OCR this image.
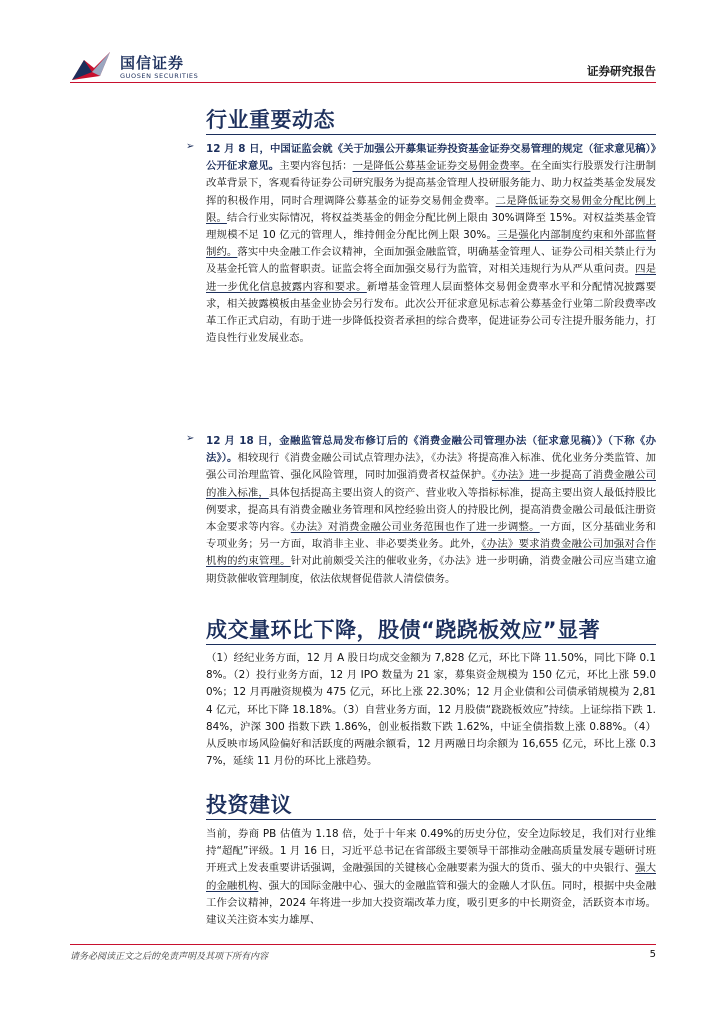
国信证券
GUOSEN SECURITIES	证券研究报告
行业重要动态
➢ 12 月 8 日，中国证监会就《关于加强公开募集证券投资基金证券交易管理的规定（征求意见稿）》公开征求意见。主要内容包括：一是降低公募基金证券交易佣金费率。在全面实行股票发行注册制改革背景下，客观看待证券公司研究服务为提高基金管理人投研服务能力、助力权益类基金发展发挥的积极作用，同时合理调降公募基金的证券交易佣金费率。二是降低证券交易佣金分配比例上限。结合行业实际情况，将权益类基金的佣金分配比例上限由 30%调降至 15%。对权益类基金管理规模不足 10 亿元的管理人，维持佣金分配比例上限 30%。三是强化内部制度约束和外部监督制约。落实中央金融工作会议精神，全面加强金融监管，明确基金管理人、证券公司相关禁止行为及基金托管人的监督职责。证监会将全面加强交易行为监管，对相关违规行为从严从重问责。四是进一步优化信息披露内容和要求。新增基金管理人层面整体交易佣金费率水平和分配情况披露要求，相关披露模板由基金业协会另行发布。此次公开征求意见标志着公募基金行业第二阶段费率改革工作正式启动，有助于进一步降低投资者承担的综合费率，促进证券公司专注提升服务能力，打造良性行业发展业态。

➢ 12 月 18 日，金融监管总局发布修订后的《消费金融公司管理办法（征求意见稿）》（下称《办法》）。相较现行《消费金融公司试点管理办法》，《办法》将提高准入标准、优化业务分类监管、加强公司治理监管、强化风险管理，同时加强消费者权益保护。《办法》进一步提高了消费金融公司的准入标准，具体包括提高主要出资人的资产、营业收入等指标标准，提高主要出资人最低持股比例要求，提高具有消费金融业务管理和风控经验出资人的持股比例，提高消费金融公司最低注册资本金要求等内容。《办法》对消费金融公司业务范围也作了进一步调整。一方面，区分基础业务和专项业务；另一方面，取消非主业、非必要类业务。此外，《办法》要求消费金融公司加强对合作机构的约束管理。针对此前颇受关注的催收业务，《办法》进一步明确，消费金融公司应当建立逾期贷款催收管理制度，依法依规督促借款人清偿债务。

成交量环比下降，股债“跷跷板效应”显著

（1）经纪业务方面，12 月 A 股日均成交金额为 7,828 亿元，环比下降 11.50%，同比下降 0.18%。（2）投行业务方面，12 月 IPO 数量为 21 家，募集资金规模为 150 亿元，环比上涨 59.00%；12 月再融资规模为 475 亿元，环比上涨 22.30%；12 月企业债和公司债承销规模为 2,814 亿元，环比下降 18.18%。（3）自营业务方面，12 月股债“跷跷板效应”持续。上证综指下跌 1.84%，沪深 300 指数下跌 1.86%，创业板指数下跌 1.62%，中证全债指数上涨 0.88%。（4）从反映市场风险偏好和活跃度的两融余额看，12 月两融日均余额为 16,655 亿元，环比上涨 0.37%，延续 11 月份的环比上涨趋势。

投资建议

当前，券商 PB 估值为 1.18 倍，处于十年来 0.49%的历史分位，安全边际较足，我们对行业维持“超配”评级。1 月 16 日，习近平总书记在省部级主要领导干部推动金融高质量发展专题研讨班开班式上发表重要讲话强调，金融强国的关键核心金融要素为强大的货币、强大的中央银行、强大的金融机构、强大的国际金融中心、强大的金融监管和强大的金融人才队伍。同时，根据中央金融工作会议精神，2024 年将进一步加大投资端改革力度，吸引更多的中长期资金，活跃资本市场。建议关注资本实力雄厚、

请务必阅读正文之后的免责声明及其项下所有内容	5
